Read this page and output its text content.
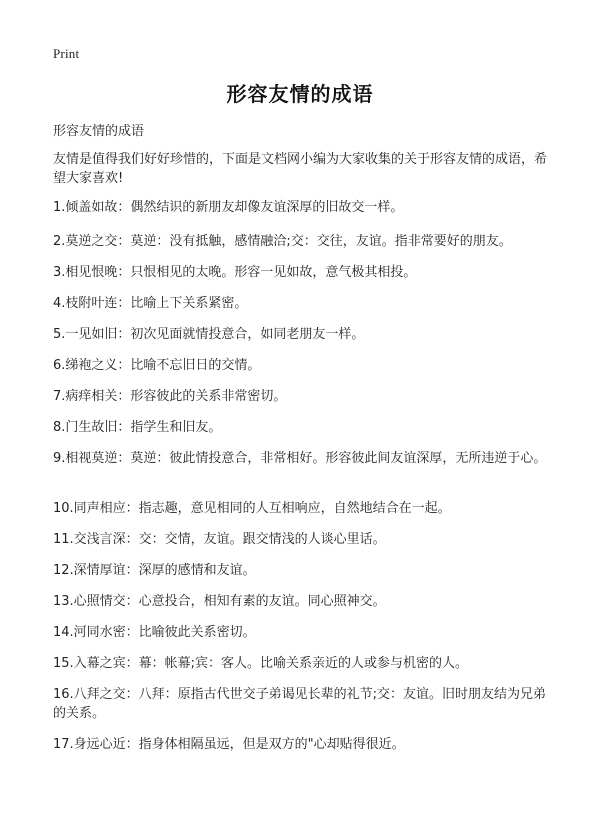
Print
形容友情的成语
形容友情的成语
友情是值得我们好好珍惜的，下面是文档网小编为大家收集的关于形容友情的成语，希望大家喜欢!
1.倾盖如故：偶然结识的新朋友却像友谊深厚的旧故交一样。
2.莫逆之交：莫逆：没有抵触，感情融洽;交：交往，友谊。指非常要好的朋友。
3.相见恨晚：只恨相见的太晚。形容一见如故，意气极其相投。
4.枝附叶连：比喻上下关系紧密。
5.一见如旧：初次见面就情投意合，如同老朋友一样。
6.绨袍之义：比喻不忘旧日的交情。
7.病痒相关：形容彼此的关系非常密切。
8.门生故旧：指学生和旧友。
9.相视莫逆：莫逆：彼此情投意合，非常相好。形容彼此间友谊深厚，无所违逆于心。
10.同声相应：指志趣，意见相同的人互相响应，自然地结合在一起。
11.交浅言深：交：交情，友谊。跟交情浅的人谈心里话。
12.深情厚谊：深厚的感情和友谊。
13.心照情交：心意投合，相知有素的友谊。同心照神交。
14.河同水密：比喻彼此关系密切。
15.入幕之宾：幕：帐幕;宾：客人。比喻关系亲近的人或参与机密的人。
16.八拜之交：八拜：原指古代世交子弟谒见长辈的礼节;交：友谊。旧时朋友结为兄弟的关系。
17.身远心近：指身体相隔虽远，但是双方的"心却贴得很近。
